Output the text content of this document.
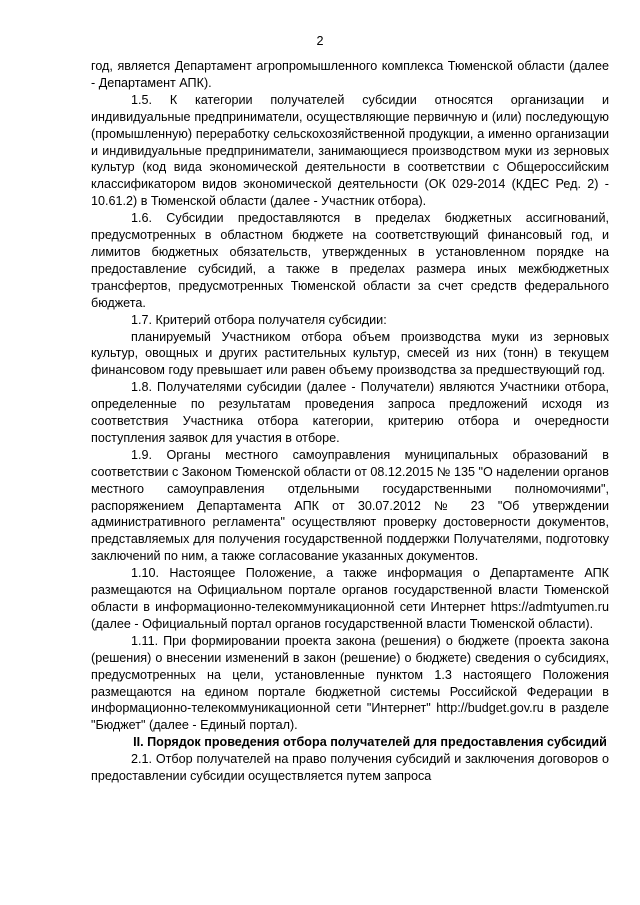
2

год, является Департамент агропромышленного комплекса Тюменской области (далее - Департамент АПК).

1.5. К категории получателей субсидии относятся организации и индивидуальные предприниматели, осуществляющие первичную и (или) последующую (промышленную) переработку сельскохозяйственной продукции, а именно организации и индивидуальные предприниматели, занимающиеся производством муки из зерновых культур (код вида экономической деятельности в соответствии с Общероссийским классификатором видов экономической деятельности (ОК 029-2014 (КДЕС Ред. 2) - 10.61.2) в Тюменской области (далее - Участник отбора).

1.6. Субсидии предоставляются в пределах бюджетных ассигнований, предусмотренных в областном бюджете на соответствующий финансовый год, и лимитов бюджетных обязательств, утвержденных в установленном порядке на предоставление субсидий, а также в пределах размера иных межбюджетных трансфертов, предусмотренных Тюменской области за счет средств федерального бюджета.

1.7. Критерий отбора получателя субсидии:

планируемый Участником отбора объем производства муки из зерновых культур, овощных и других растительных культур, смесей из них (тонн) в текущем финансовом году превышает или равен объему производства за предшествующий год.

1.8. Получателями субсидии (далее - Получатели) являются Участники отбора, определенные по результатам проведения запроса предложений исходя из соответствия Участника отбора категории, критерию отбора и очередности поступления заявок для участия в отборе.

1.9. Органы местного самоуправления муниципальных образований в соответствии с Законом Тюменской области от 08.12.2015 № 135 "О наделении органов местного самоуправления отдельными государственными полномочиями", распоряжением Департамента АПК от 30.07.2012 № 23 "Об утверждении административного регламента" осуществляют проверку достоверности документов, представляемых для получения государственной поддержки Получателями, подготовку заключений по ним, а также согласование указанных документов.

1.10. Настоящее Положение, а также информация о Департаменте АПК размещаются на Официальном портале органов государственной власти Тюменской области в информационно-телекоммуникационной сети Интернет https://admtyumen.ru (далее - Официальный портал органов государственной власти Тюменской области).

1.11. При формировании проекта закона (решения) о бюджете (проекта закона (решения) о внесении изменений в закон (решение) о бюджете) сведения о субсидиях, предусмотренных на цели, установленные пунктом 1.3 настоящего Положения размещаются на едином портале бюджетной системы Российской Федерации в информационно-телекоммуникационной сети "Интернет" http://budget.gov.ru в разделе "Бюджет" (далее - Единый портал).

II. Порядок проведения отбора получателей для предоставления субсидий

2.1. Отбор получателей на право получения субсидий и заключения договоров о предоставлении субсидии осуществляется путем запроса
